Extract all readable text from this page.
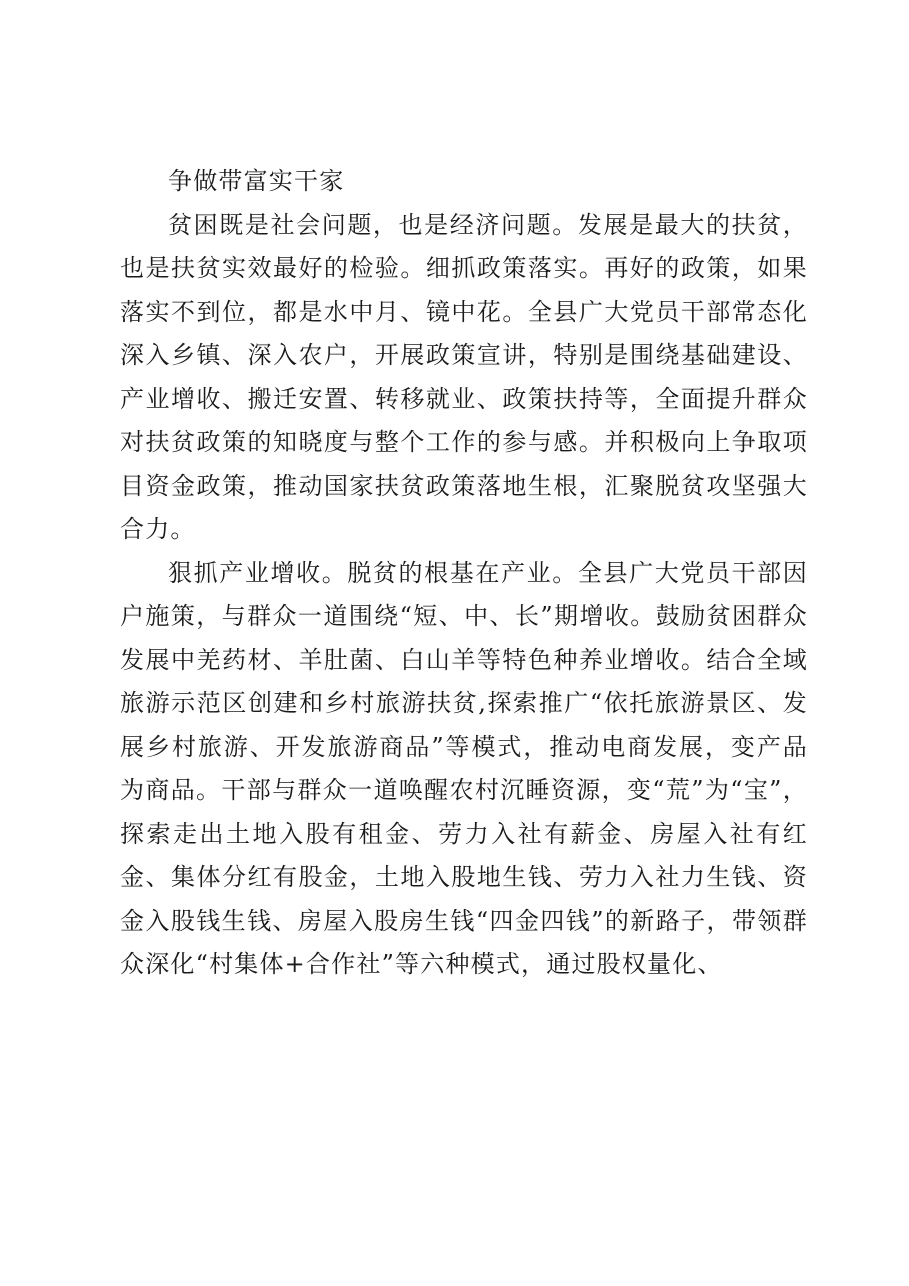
争做带富实干家

贫困既是社会问题，也是经济问题。发展是最大的扶贫，也是扶贫实效最好的检验。细抓政策落实。再好的政策，如果落实不到位，都是水中月、镜中花。全县广大党员干部常态化深入乡镇、深入农户，开展政策宣讲，特别是围绕基础建设、产业增收、搬迁安置、转移就业、政策扶持等，全面提升群众对扶贫政策的知晓度与整个工作的参与感。并积极向上争取项目资金政策，推动国家扶贫政策落地生根，汇聚脱贫攻坚强大合力。

狠抓产业增收。脱贫的根基在产业。全县广大党员干部因户施策，与群众一道围绕“短、中、长”期增收。鼓励贫困群众发展中羌药材、羊肚菌、白山羊等特色种养业增收。结合全域旅游示范区创建和乡村旅游扶贫,探索推广“依托旅游景区、发展乡村旅游、开发旅游商品”等模式，推动电商发展，变产品为商品。干部与群众一道唤醒农村沉睡资源，变“荒”为“宝”，探索走出土地入股有租金、劳力入社有薪金、房屋入社有红金、集体分红有股金，土地入股地生钱、劳力入社力生钱、资金入股钱生钱、房屋入股房生钱“四金四钱”的新路子，带领群众深化“村集体+合作社”等六种模式，通过股权量化、
